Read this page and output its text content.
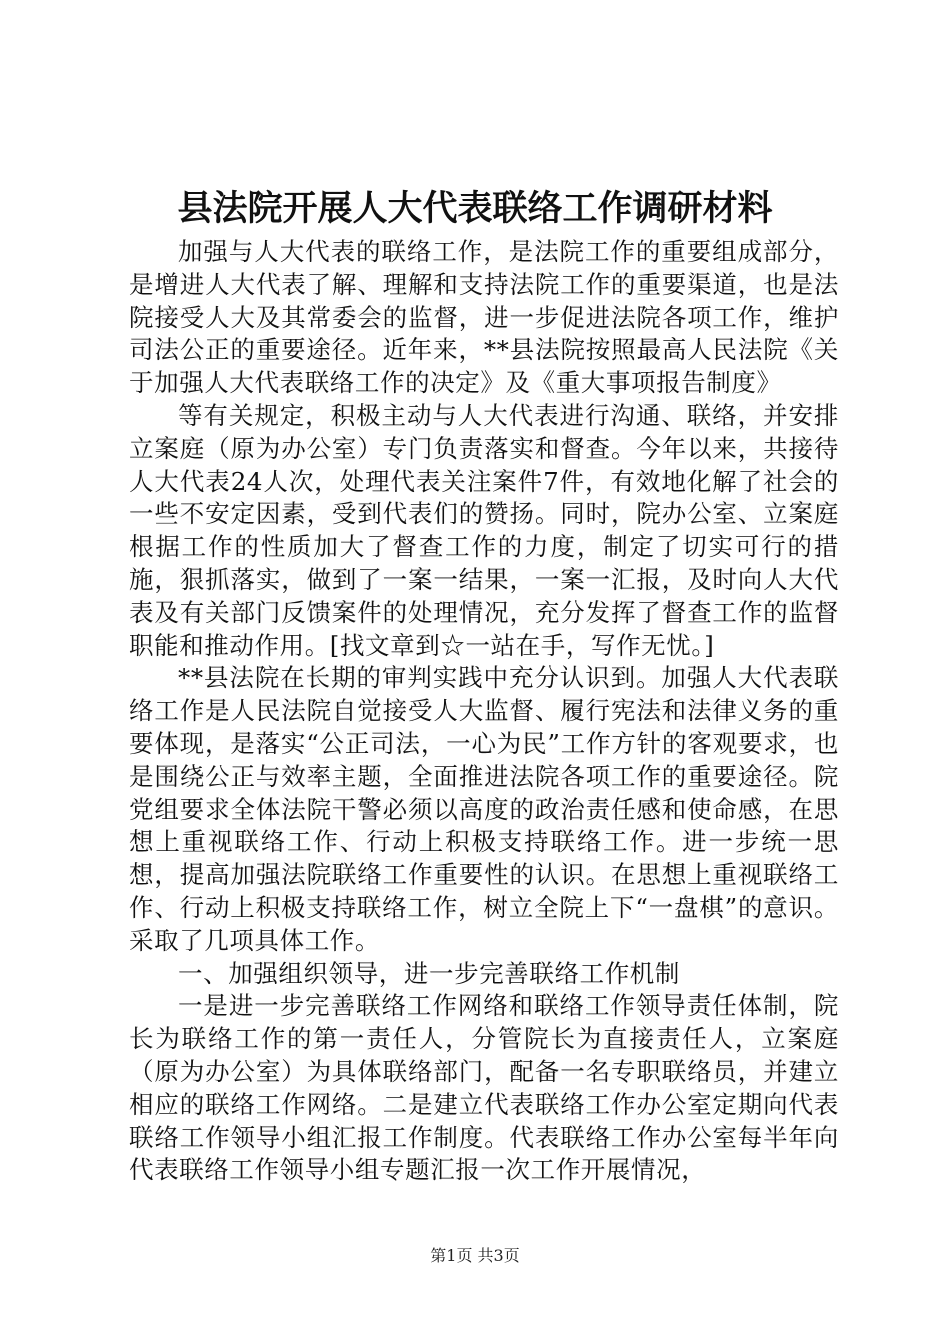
县法院开展人大代表联络工作调研材料

加强与人大代表的联络工作，是法院工作的重要组成部分，是增进人大代表了解、理解和支持法院工作的重要渠道，也是法院接受人大及其常委会的监督，进一步促进法院各项工作，维护司法公正的重要途径。近年来，**县法院按照最高人民法院《关于加强人大代表联络工作的决定》及《重大事项报告制度》

等有关规定，积极主动与人大代表进行沟通、联络，并安排立案庭（原为办公室）专门负责落实和督查。今年以来，共接待人大代表24人次，处理代表关注案件7件，有效地化解了社会的一些不安定因素，受到代表们的赞扬。同时，院办公室、立案庭根据工作的性质加大了督查工作的力度，制定了切实可行的措施，狠抓落实，做到了一案一结果，一案一汇报，及时向人大代表及有关部门反馈案件的处理情况，充分发挥了督查工作的监督职能和推动作用。[找文章到☆一站在手，写作无忧。]

**县法院在长期的审判实践中充分认识到。加强人大代表联络工作是人民法院自觉接受人大监督、履行宪法和法律义务的重要体现，是落实“公正司法，一心为民”工作方针的客观要求，也是围绕公正与效率主题，全面推进法院各项工作的重要途径。院党组要求全体法院干警必须以高度的政治责任感和使命感，在思想上重视联络工作、行动上积极支持联络工作。进一步统一思想，提高加强法院联络工作重要性的认识。在思想上重视联络工作、行动上积极支持联络工作，树立全院上下“一盘棋”的意识。采取了几项具体工作。

一、加强组织领导，进一步完善联络工作机制

一是进一步完善联络工作网络和联络工作领导责任体制，院长为联络工作的第一责任人，分管院长为直接责任人，立案庭（原为办公室）为具体联络部门，配备一名专职联络员，并建立相应的联络工作网络。二是建立代表联络工作办公室定期向代表联络工作领导小组汇报工作制度。代表联络工作办公室每半年向代表联络工作领导小组专题汇报一次工作开展情况，

第1页 共3页
